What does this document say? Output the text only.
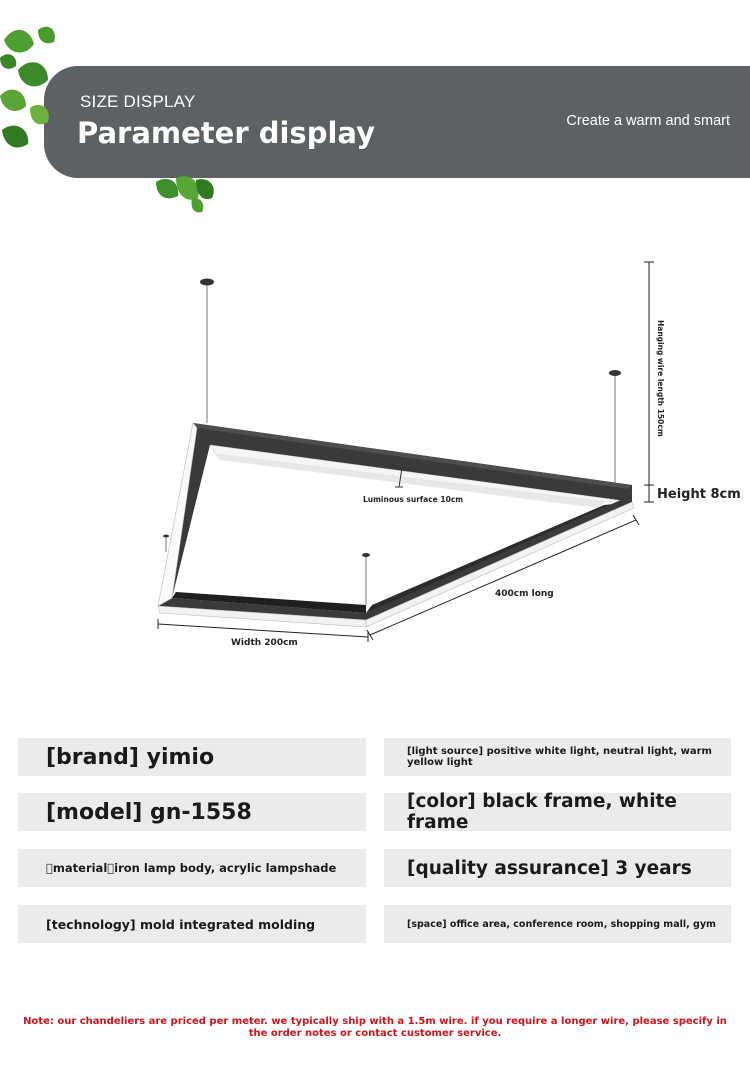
SIZE DISPLAY
Parameter display	Create a warm and smart
Hanging wire length 150cm
Height 8cm
Luminous surface 10cm
400cm long
Width 200cm
[brand] yimio	[light source] positive white light, neutral light, warm yellow light
[model] gn-1558	[color] black frame, white frame
 material iron lamp body, acrylic lampshade	[quality assurance] 3 years
[technology] mold integrated molding	[space] office area, conference room, shopping mall, gym
Note: our chandeliers are priced per meter. we typically ship with a 1.5m wire. if you require a longer wire, please specify in the order notes or contact customer service.
